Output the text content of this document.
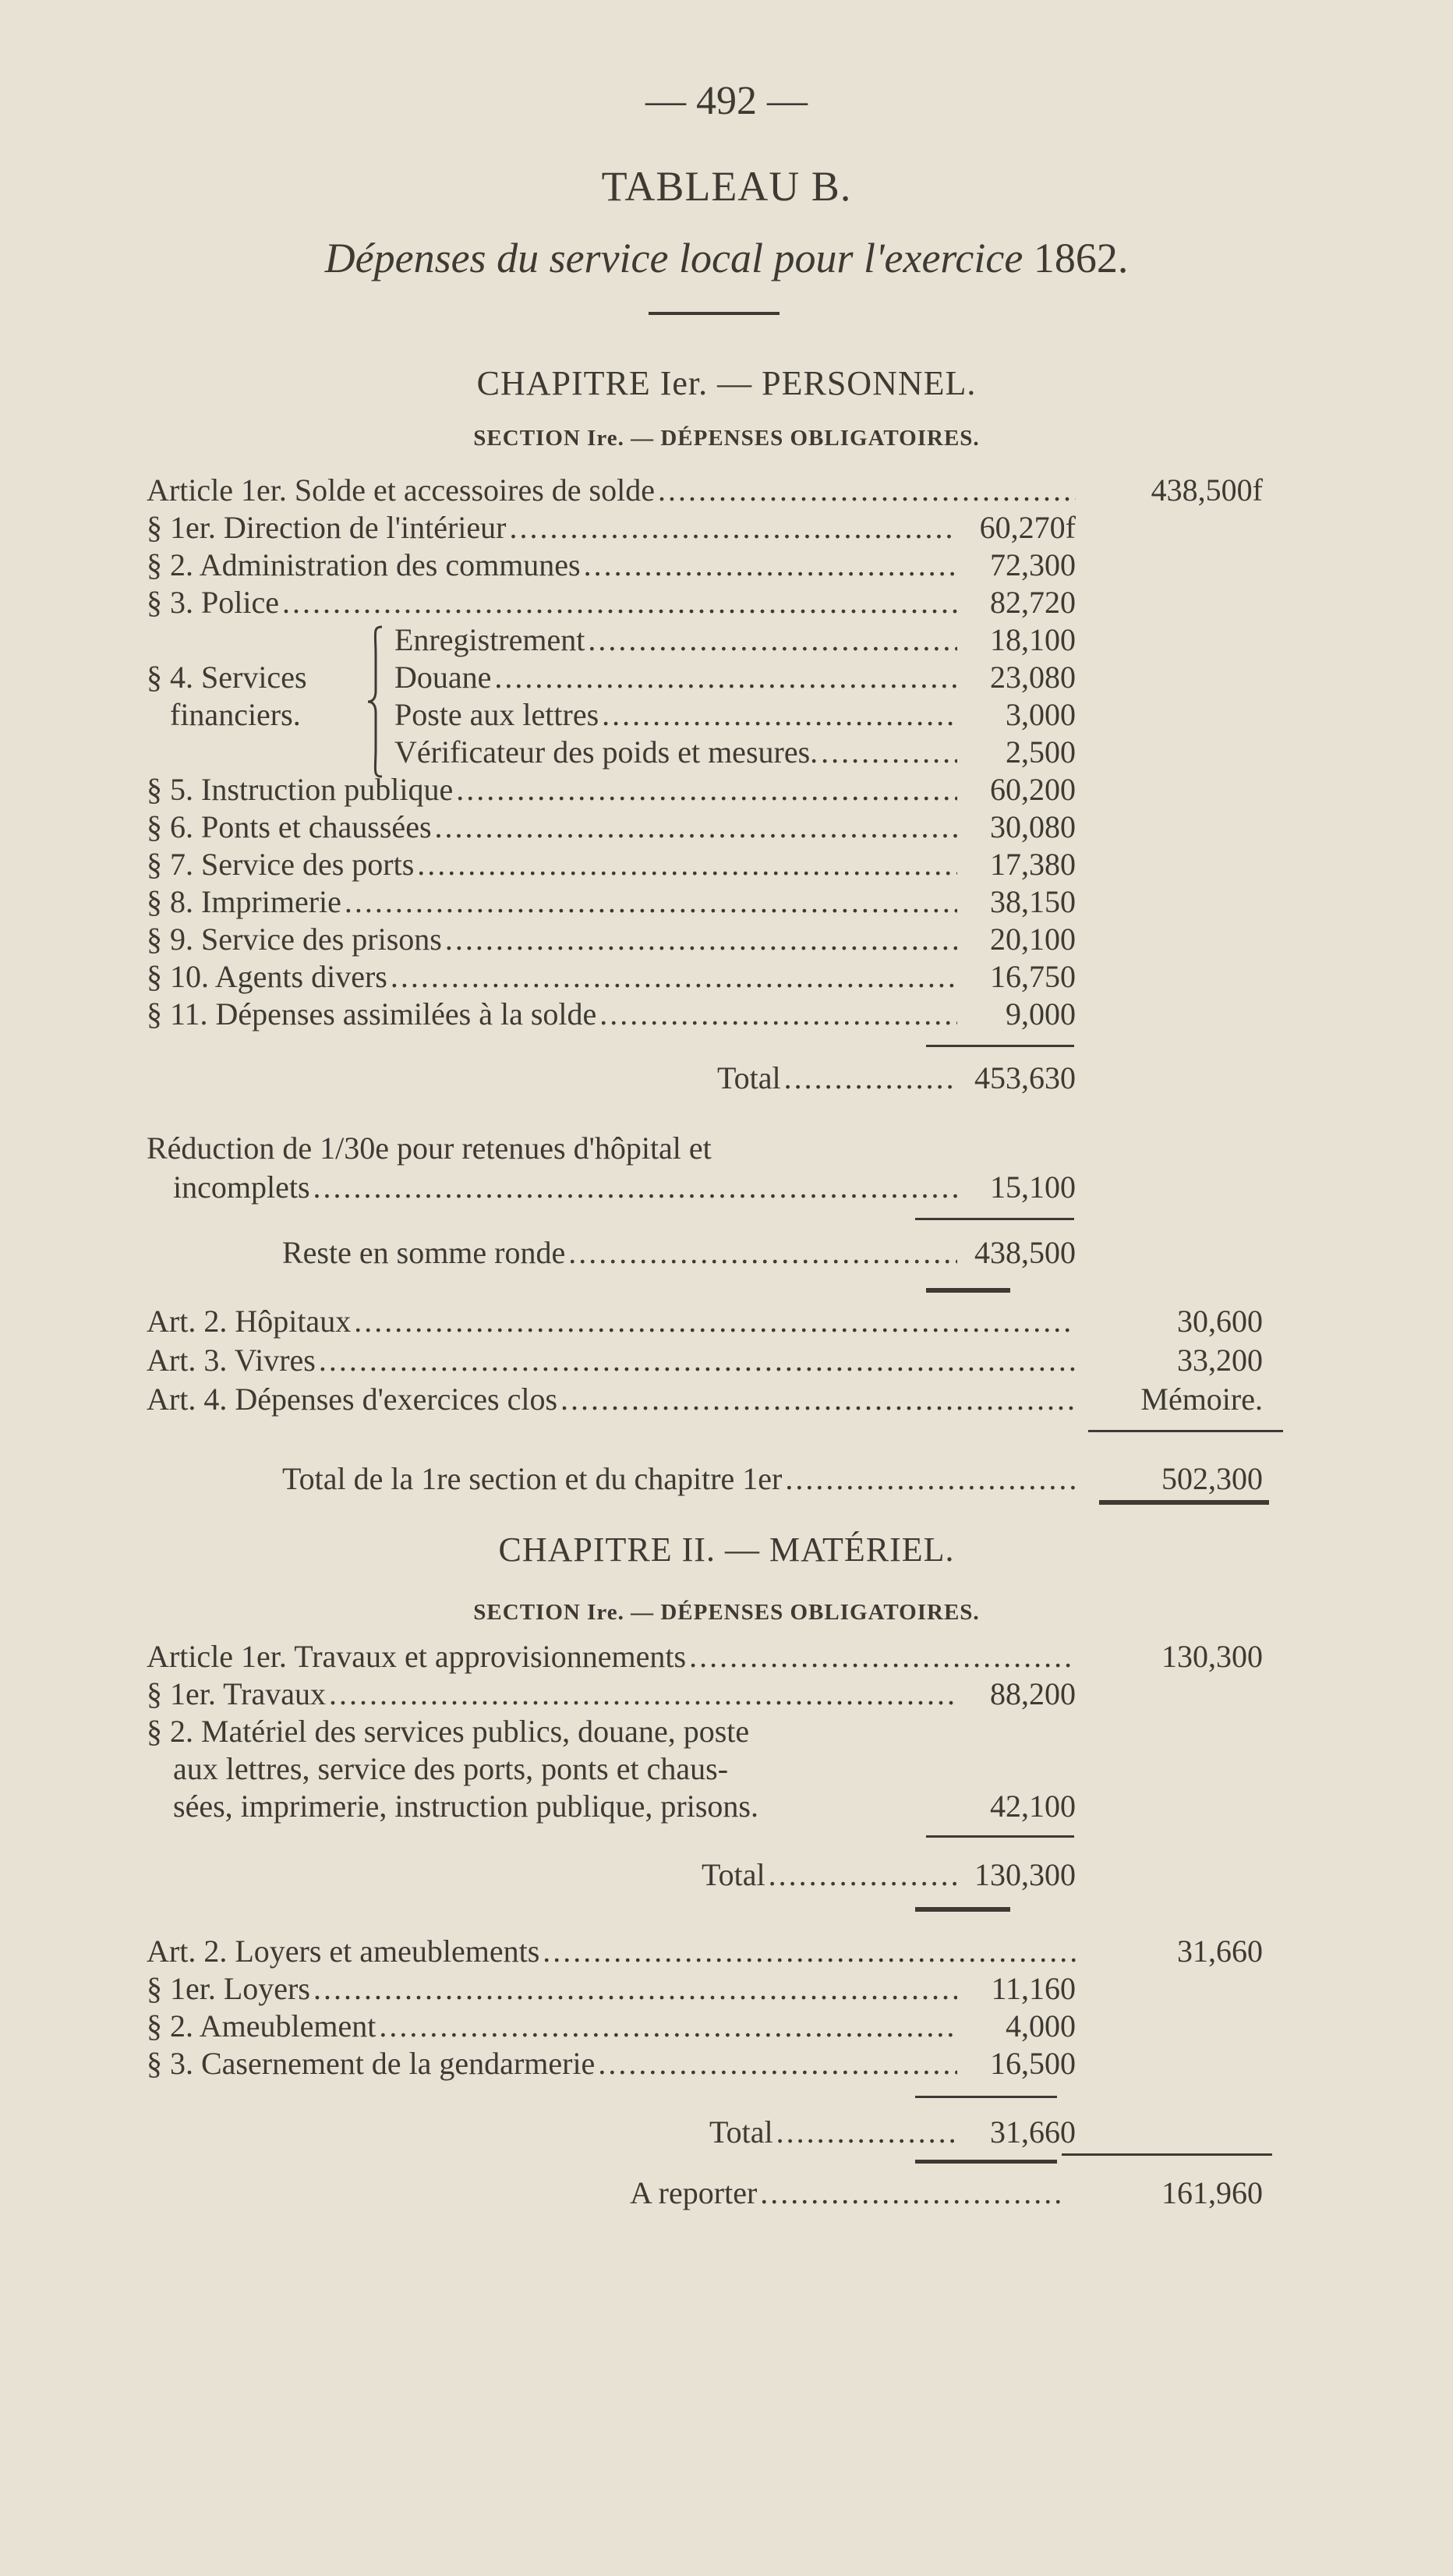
— 492 —
TABLEAU B.
Dépenses du service local pour l'exercice 1862.
CHAPITRE Ier. — PERSONNEL.
SECTION Ire. — DÉPENSES OBLIGATOIRES.
Article 1er. Solde et accessoires de solde .....	438,500f
§ 1er. Direction de l'intérieur .....	60,270f
§ 2. Administration des communes .....	72,300
§ 3. Police .....	82,720
§ 4. Services
financiers.
Enregistrement .....	18,100
Douane .....	23,080
Poste aux lettres .....	3,000
Vérificateur des poids et mesures. .....	2,500
§ 5. Instruction publique .....	60,200
§ 6. Ponts et chaussées .....	30,080
§ 7. Service des ports .....	17,380
§ 8. Imprimerie .....	38,150
§ 9. Service des prisons .....	20,100
§ 10. Agents divers .....	16,750
§ 11. Dépenses assimilées à la solde .....	9,000
Total .....	453,630
Réduction de 1/30e pour retenues d'hôpital et
incomplets .....	15,100
Reste en somme ronde .....	438,500
Art. 2. Hôpitaux .....	30,600
Art. 3. Vivres .....	33,200
Art. 4. Dépenses d'exercices clos .....	Mémoire.
Total de la 1re section et du chapitre 1er .....	502,300
CHAPITRE II. — MATÉRIEL.
SECTION Ire. — DÉPENSES OBLIGATOIRES.
Article 1er. Travaux et approvisionnements .....	130,300
§ 1er. Travaux .....	88,200
§ 2. Matériel des services publics, douane, poste
aux lettres, service des ports, ponts et chaus-
sées, imprimerie, instruction publique, prisons.	42,100
Total .....	130,300
Art. 2. Loyers et ameublements .....	31,660
§ 1er. Loyers .....	11,160
§ 2. Ameublement .....	4,000
§ 3. Casernement de la gendarmerie .....	16,500
Total .....	31,660
A reporter .....	161,960
